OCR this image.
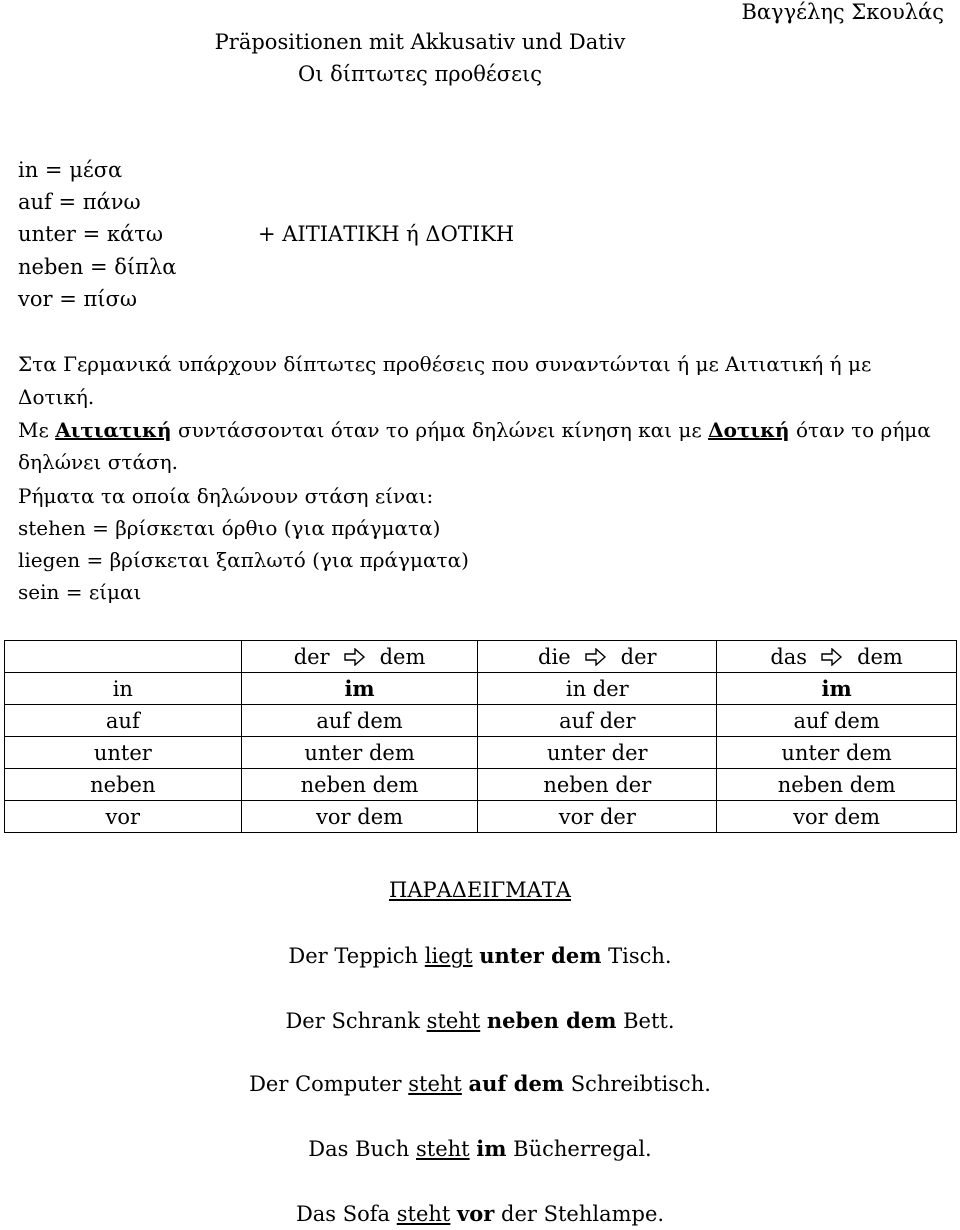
Βαγγέλης Σκουλάς
Präpositionen mit Akkusativ und Dativ
Οι δίπτωτες προθέσεις
in = μέσα
auf = πάνω
unter = κάτω
neben = δίπλα
vor = πίσω
+ ΑΙΤΙΑΤΙΚΗ ή ΔΟΤΙΚΗ
Στα Γερμανικά υπάρχουν δίπτωτες προθέσεις που συναντώνται ή με Αιτιατική ή με
Δοτική.
Με Αιτιατική συντάσσονται όταν το ρήμα δηλώνει κίνηση και με Δοτική όταν το ρήμα
δηλώνει στάση.
Ρήματα τα οποία δηλώνουν στάση είναι:
stehen = βρίσκεται όρθιο (για πράγματα)
liegen = βρίσκεται ξαπλωτό (για πράγματα)
sein = είμαι

	der dem	die der	das dem

in	im	in der	im
auf	auf dem	auf der	auf dem
unter	unter dem	unter der	unter dem
neben	neben dem	neben der	neben dem
vor	vor dem	vor der	vor dem
ΠΑΡΑΔΕΙΓΜΑΤΑ
Der Teppich liegt unter dem Tisch.
Der Schrank steht neben dem Bett.
Der Computer steht auf dem Schreibtisch.
Das Buch steht im Bücherregal.
Das Sofa steht vor der Stehlampe.
